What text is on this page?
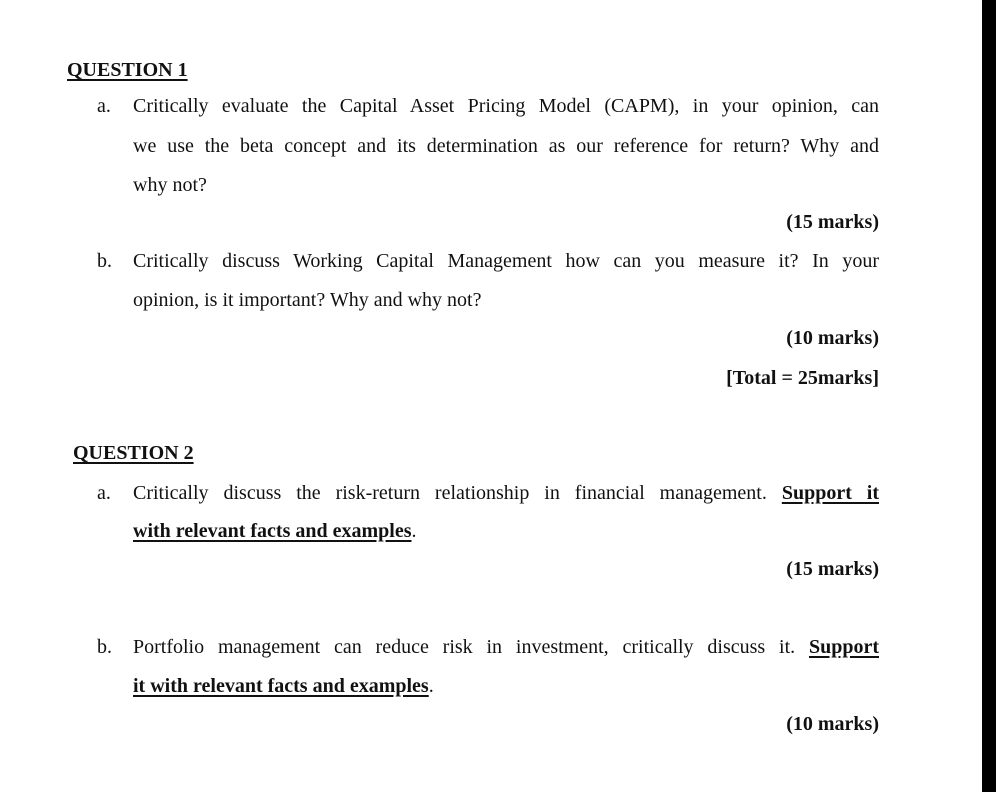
QUESTION 1
a. Critically evaluate the Capital Asset Pricing Model (CAPM), in your opinion, can
we use the beta concept and its determination as our reference for return? Why and
why not?
(15 marks)
b. Critically discuss Working Capital Management how can you measure it? In your
opinion, is it important? Why and why not?
(10 marks)
[Total = 25marks]
QUESTION 2
a. Critically discuss the risk-return relationship in financial management. Support it
with relevant facts and examples.
(15 marks)
b. Portfolio management can reduce risk in investment, critically discuss it. Support
it with relevant facts and examples.
(10 marks)
